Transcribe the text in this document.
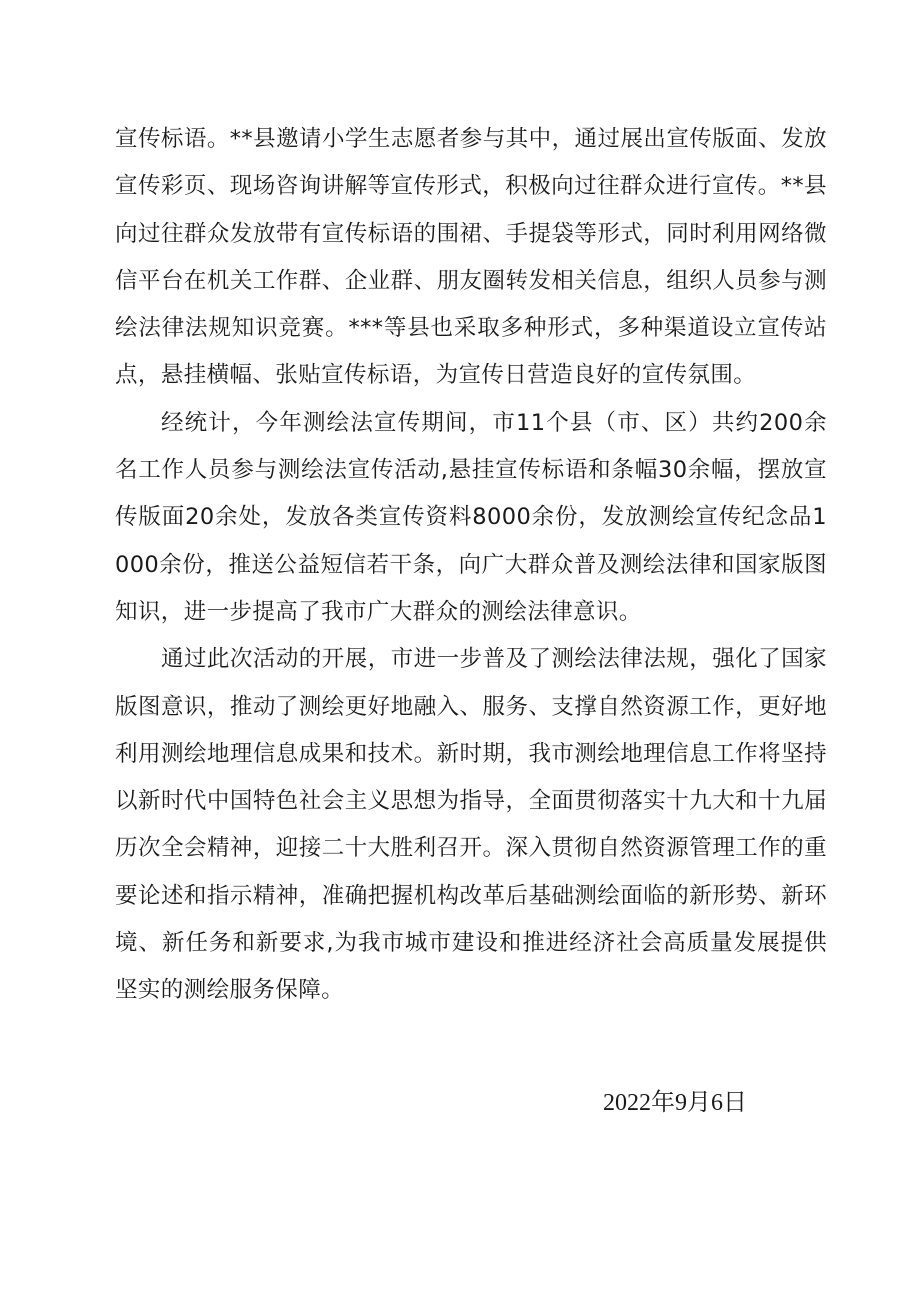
宣传标语。**县邀请小学生志愿者参与其中，通过展出宣传版面、发放宣传彩页、现场咨询讲解等宣传形式，积极向过往群众进行宣传。**县向过往群众发放带有宣传标语的围裙、手提袋等形式，同时利用网络微信平台在机关工作群、企业群、朋友圈转发相关信息，组织人员参与测绘法律法规知识竞赛。***等县也采取多种形式，多种渠道设立宣传站点，悬挂横幅、张贴宣传标语，为宣传日营造良好的宣传氛围。

经统计，今年测绘法宣传期间，市11个县（市、区）共约200余名工作人员参与测绘法宣传活动,悬挂宣传标语和条幅30余幅，摆放宣传版面20余处，发放各类宣传资料8000余份，发放测绘宣传纪念品1000余份，推送公益短信若干条，向广大群众普及测绘法律和国家版图知识，进一步提高了我市广大群众的测绘法律意识。

通过此次活动的开展，市进一步普及了测绘法律法规，强化了国家版图意识，推动了测绘更好地融入、服务、支撑自然资源工作，更好地利用测绘地理信息成果和技术。新时期，我市测绘地理信息工作将坚持以新时代中国特色社会主义思想为指导，全面贯彻落实十九大和十九届历次全会精神，迎接二十大胜利召开。深入贯彻自然资源管理工作的重要论述和指示精神，准确把握机构改革后基础测绘面临的新形势、新环境、新任务和新要求,为我市城市建设和推进经济社会高质量发展提供坚实的测绘服务保障。

2022年9月6日
